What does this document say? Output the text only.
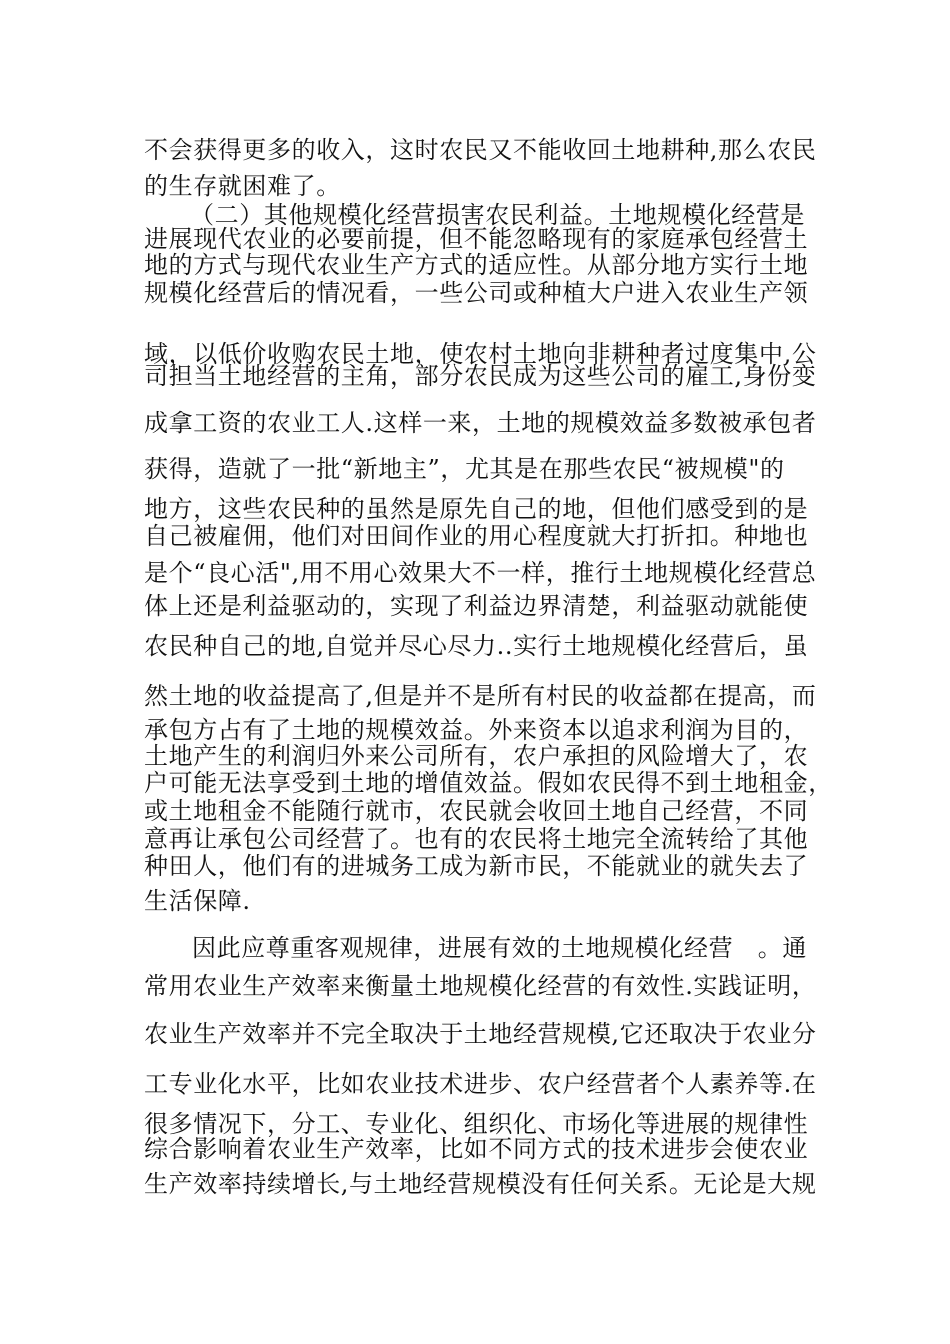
不会获得更多的收入，这时农民又不能收回土地耕种,那么农民
的生存就困难了。
（二）其他规模化经营损害农民利益。土地规模化经营是
进展现代农业的必要前提，但不能忽略现有的家庭承包经营土
地的方式与现代农业生产方式的适应性。从部分地方实行土地
规模化经营后的情况看，一些公司或种植大户进入农业生产领
域，以低价收购农民土地，使农村土地向非耕种者过度集中,公
司担当土地经营的主角，部分农民成为这些公司的雇工,身份变
成拿工资的农业工人.这样一来，土地的规模效益多数被承包者
获得，造就了一批“新地主”，尤其是在那些农民“被规模"的
地方，这些农民种的虽然是原先自己的地，但他们感受到的是
自己被雇佣，他们对田间作业的用心程度就大打折扣。种地也
是个“良心活",用不用心效果大不一样，推行土地规模化经营总
体上还是利益驱动的，实现了利益边界清楚，利益驱动就能使
农民种自己的地,自觉并尽心尽力..实行土地规模化经营后，虽
然土地的收益提高了,但是并不是所有村民的收益都在提高，而
承包方占有了土地的规模效益。外来资本以追求利润为目的，
土地产生的利润归外来公司所有，农户承担的风险增大了，农
户可能无法享受到土地的增值效益。假如农民得不到土地租金，
或土地租金不能随行就市，农民就会收回土地自己经营，不同
意再让承包公司经营了。也有的农民将土地完全流转给了其他
种田人，他们有的进城务工成为新市民，不能就业的就失去了
生活保障.
因此应尊重客观规律，进展有效的土地规模化经营　。通
常用农业生产效率来衡量土地规模化经营的有效性.实践证明，
农业生产效率并不完全取决于土地经营规模,它还取决于农业分
工专业化水平，比如农业技术进步、农户经营者个人素养等.在
很多情况下，分工、专业化、组织化、市场化等进展的规律性
综合影响着农业生产效率，比如不同方式的技术进步会使农业
生产效率持续增长,与土地经营规模没有任何关系。无论是大规
